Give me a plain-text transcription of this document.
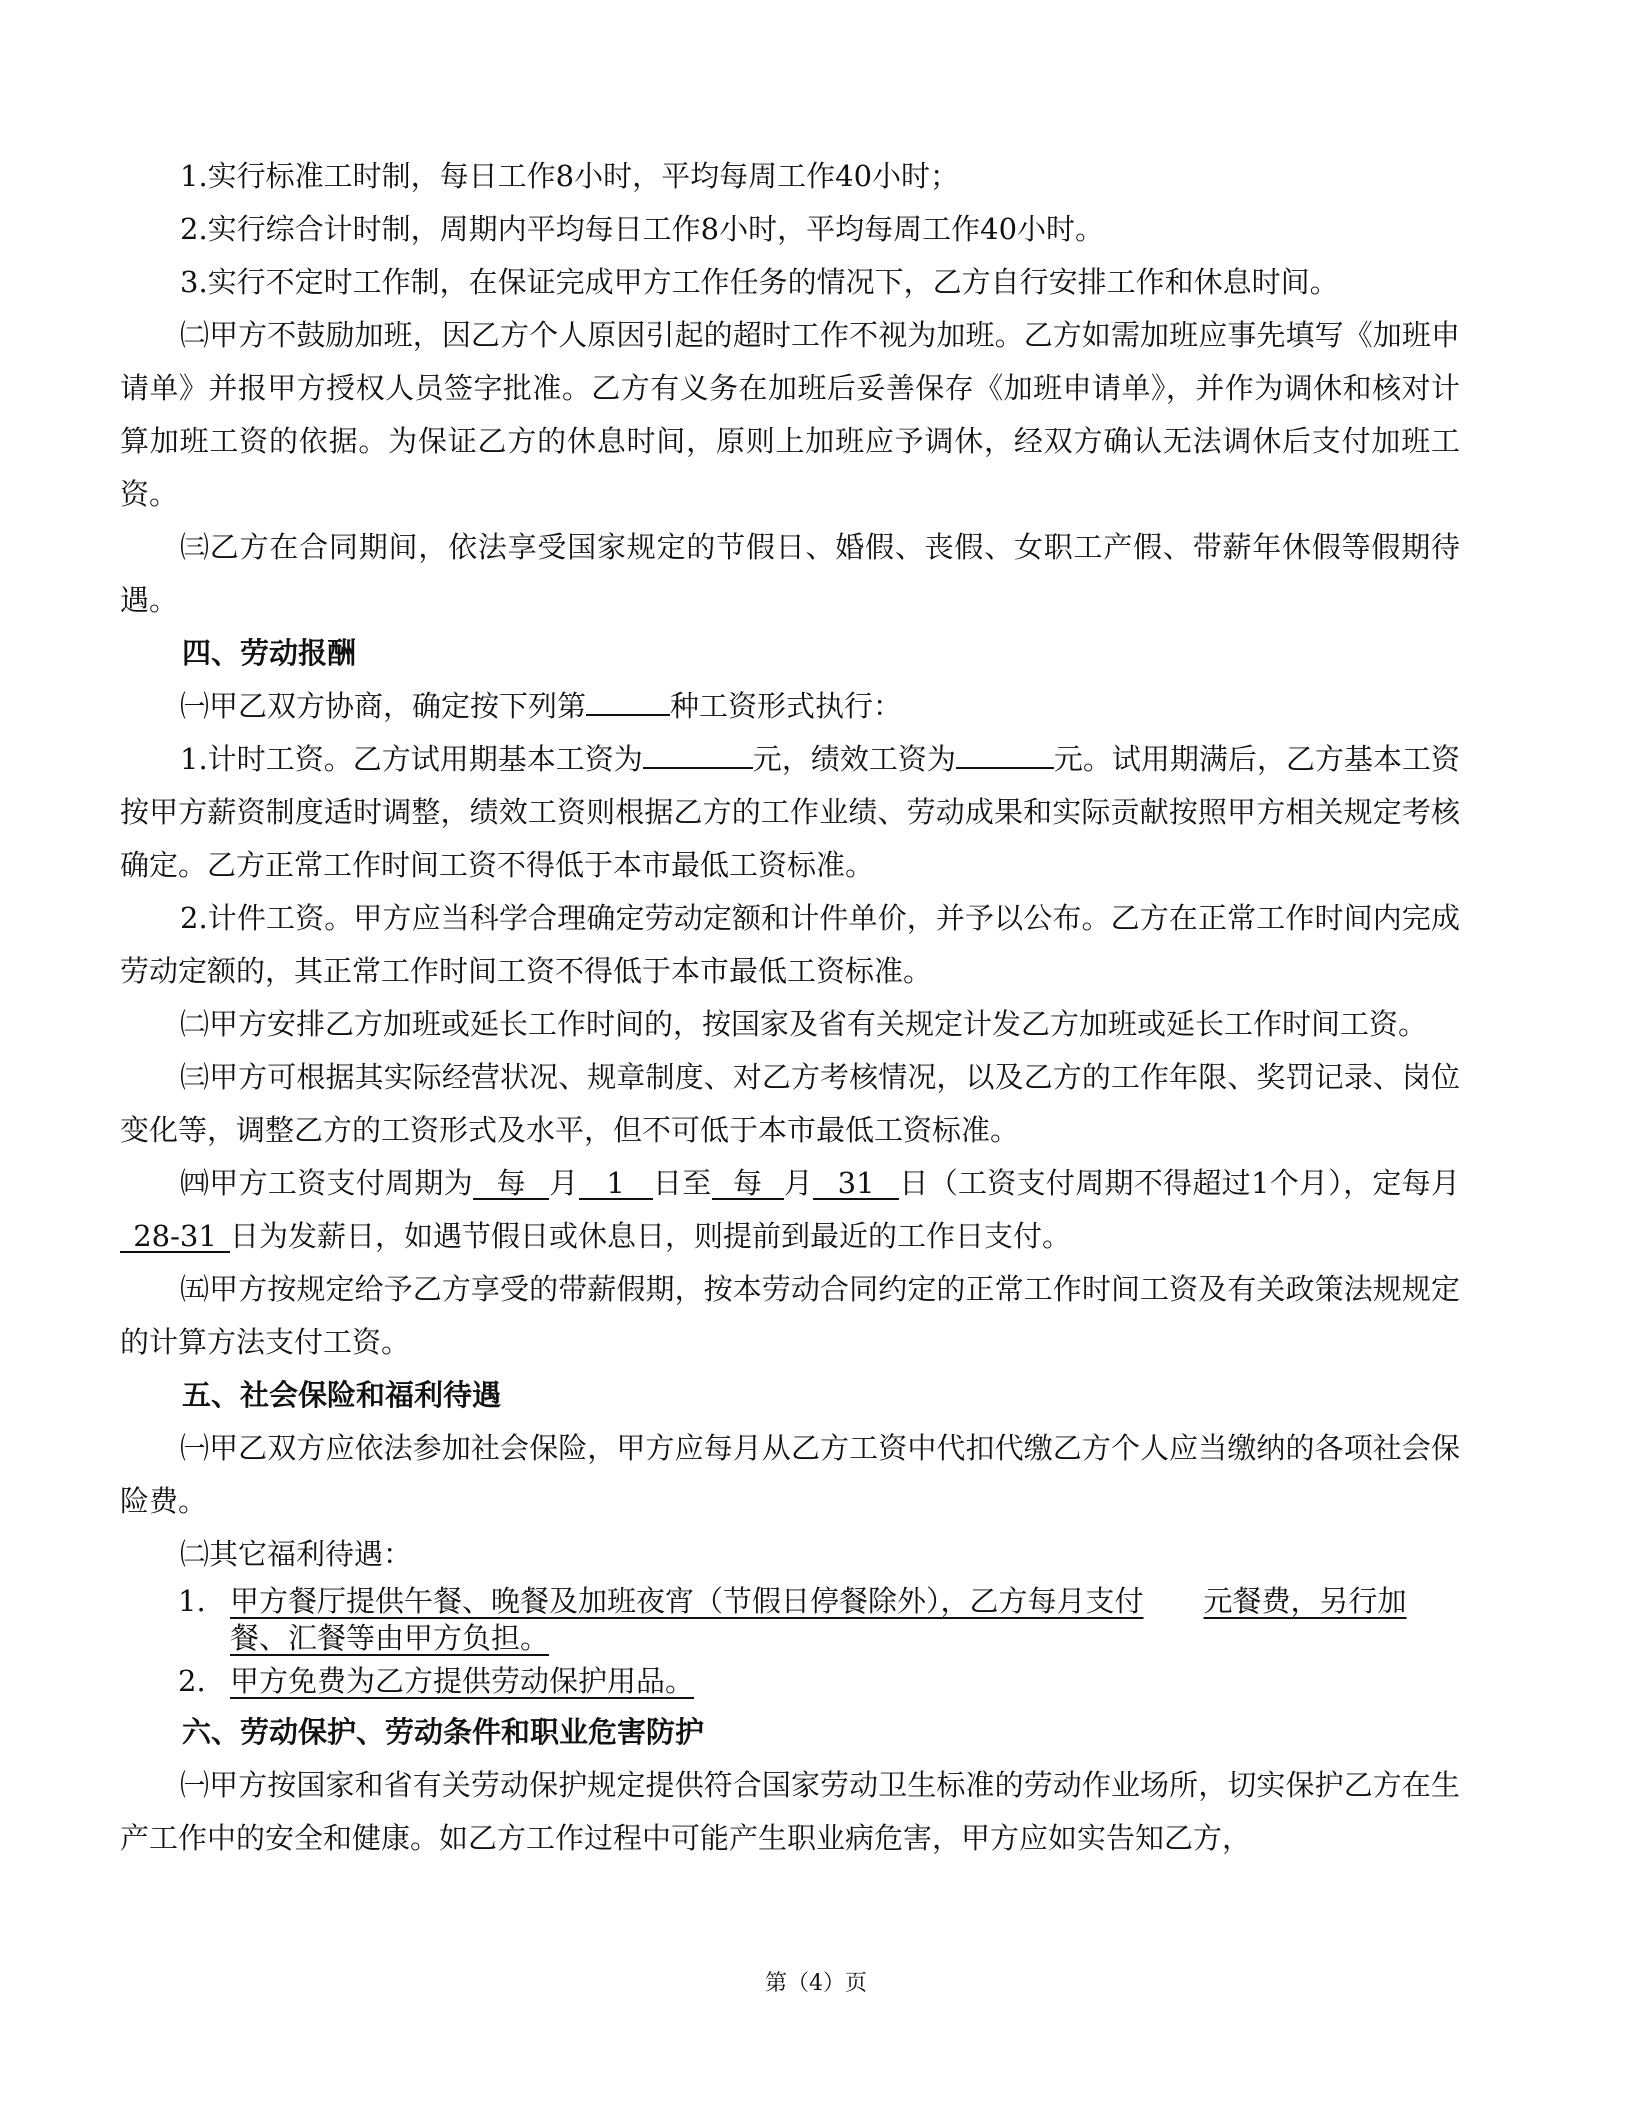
1.实行标准工时制，每日工作8小时，平均每周工作40小时；

2.实行综合计时制，周期内平均每日工作8小时，平均每周工作40小时。

3.实行不定时工作制，在保证完成甲方工作任务的情况下，乙方自行安排工作和休息时间。

㈡甲方不鼓励加班，因乙方个人原因引起的超时工作不视为加班。乙方如需加班应事先填写《加班申请单》并报甲方授权人员签字批准。乙方有义务在加班后妥善保存《加班申请单》，并作为调休和核对计算加班工资的依据。为保证乙方的休息时间，原则上加班应予调休，经双方确认无法调休后支付加班工资。

㈢乙方在合同期间，依法享受国家规定的节假日、婚假、丧假、女职工产假、带薪年休假等假期待遇。

四、劳动报酬

㈠甲乙双方协商，确定按下列第	种工资形式执行：

1.计时工资。乙方试用期基本工资为	元，绩效工资为	元。试用期满后，乙方基本工资按甲方薪资制度适时调整，绩效工资则根据乙方的工作业绩、劳动成果和实际贡献按照甲方相关规定考核确定。乙方正常工作时间工资不得低于本市最低工资标准。

2.计件工资。甲方应当科学合理确定劳动定额和计件单价，并予以公布。乙方在正常工作时间内完成劳动定额的，其正常工作时间工资不得低于本市最低工资标准。

㈡甲方安排乙方加班或延长工作时间的，按国家及省有关规定计发乙方加班或延长工作时间工资。

㈢甲方可根据其实际经营状况、规章制度、对乙方考核情况，以及乙方的工作年限、奖罚记录、岗位变化等，调整乙方的工资形式及水平，但不可低于本市最低工资标准。

㈣甲方工资支付周期为 每 月 1 日至 每 月 31 日（工资支付周期不得超过1个月），定每月28-31 日为发薪日，如遇节假日或休息日，则提前到最近的工作日支付。

㈤甲方按规定给予乙方享受的带薪假期，按本劳动合同约定的正常工作时间工资及有关政策法规规定的计算方法支付工资。

五、社会保险和福利待遇

㈠甲乙双方应依法参加社会保险，甲方应每月从乙方工资中代扣代缴乙方个人应当缴纳的各项社会保险费。

㈡其它福利待遇：

1. 甲方餐厅提供午餐、晚餐及加班夜宵（节假日停餐除外），乙方每月支付 元餐费，另行加餐、汇餐等由甲方负担。
2. 甲方免费为乙方提供劳动保护用品。

六、劳动保护、劳动条件和职业危害防护

㈠甲方按国家和省有关劳动保护规定提供符合国家劳动卫生标准的劳动作业场所，切实保护乙方在生产工作中的安全和健康。如乙方工作过程中可能产生职业病危害，甲方应如实告知乙方，

第（4）页
